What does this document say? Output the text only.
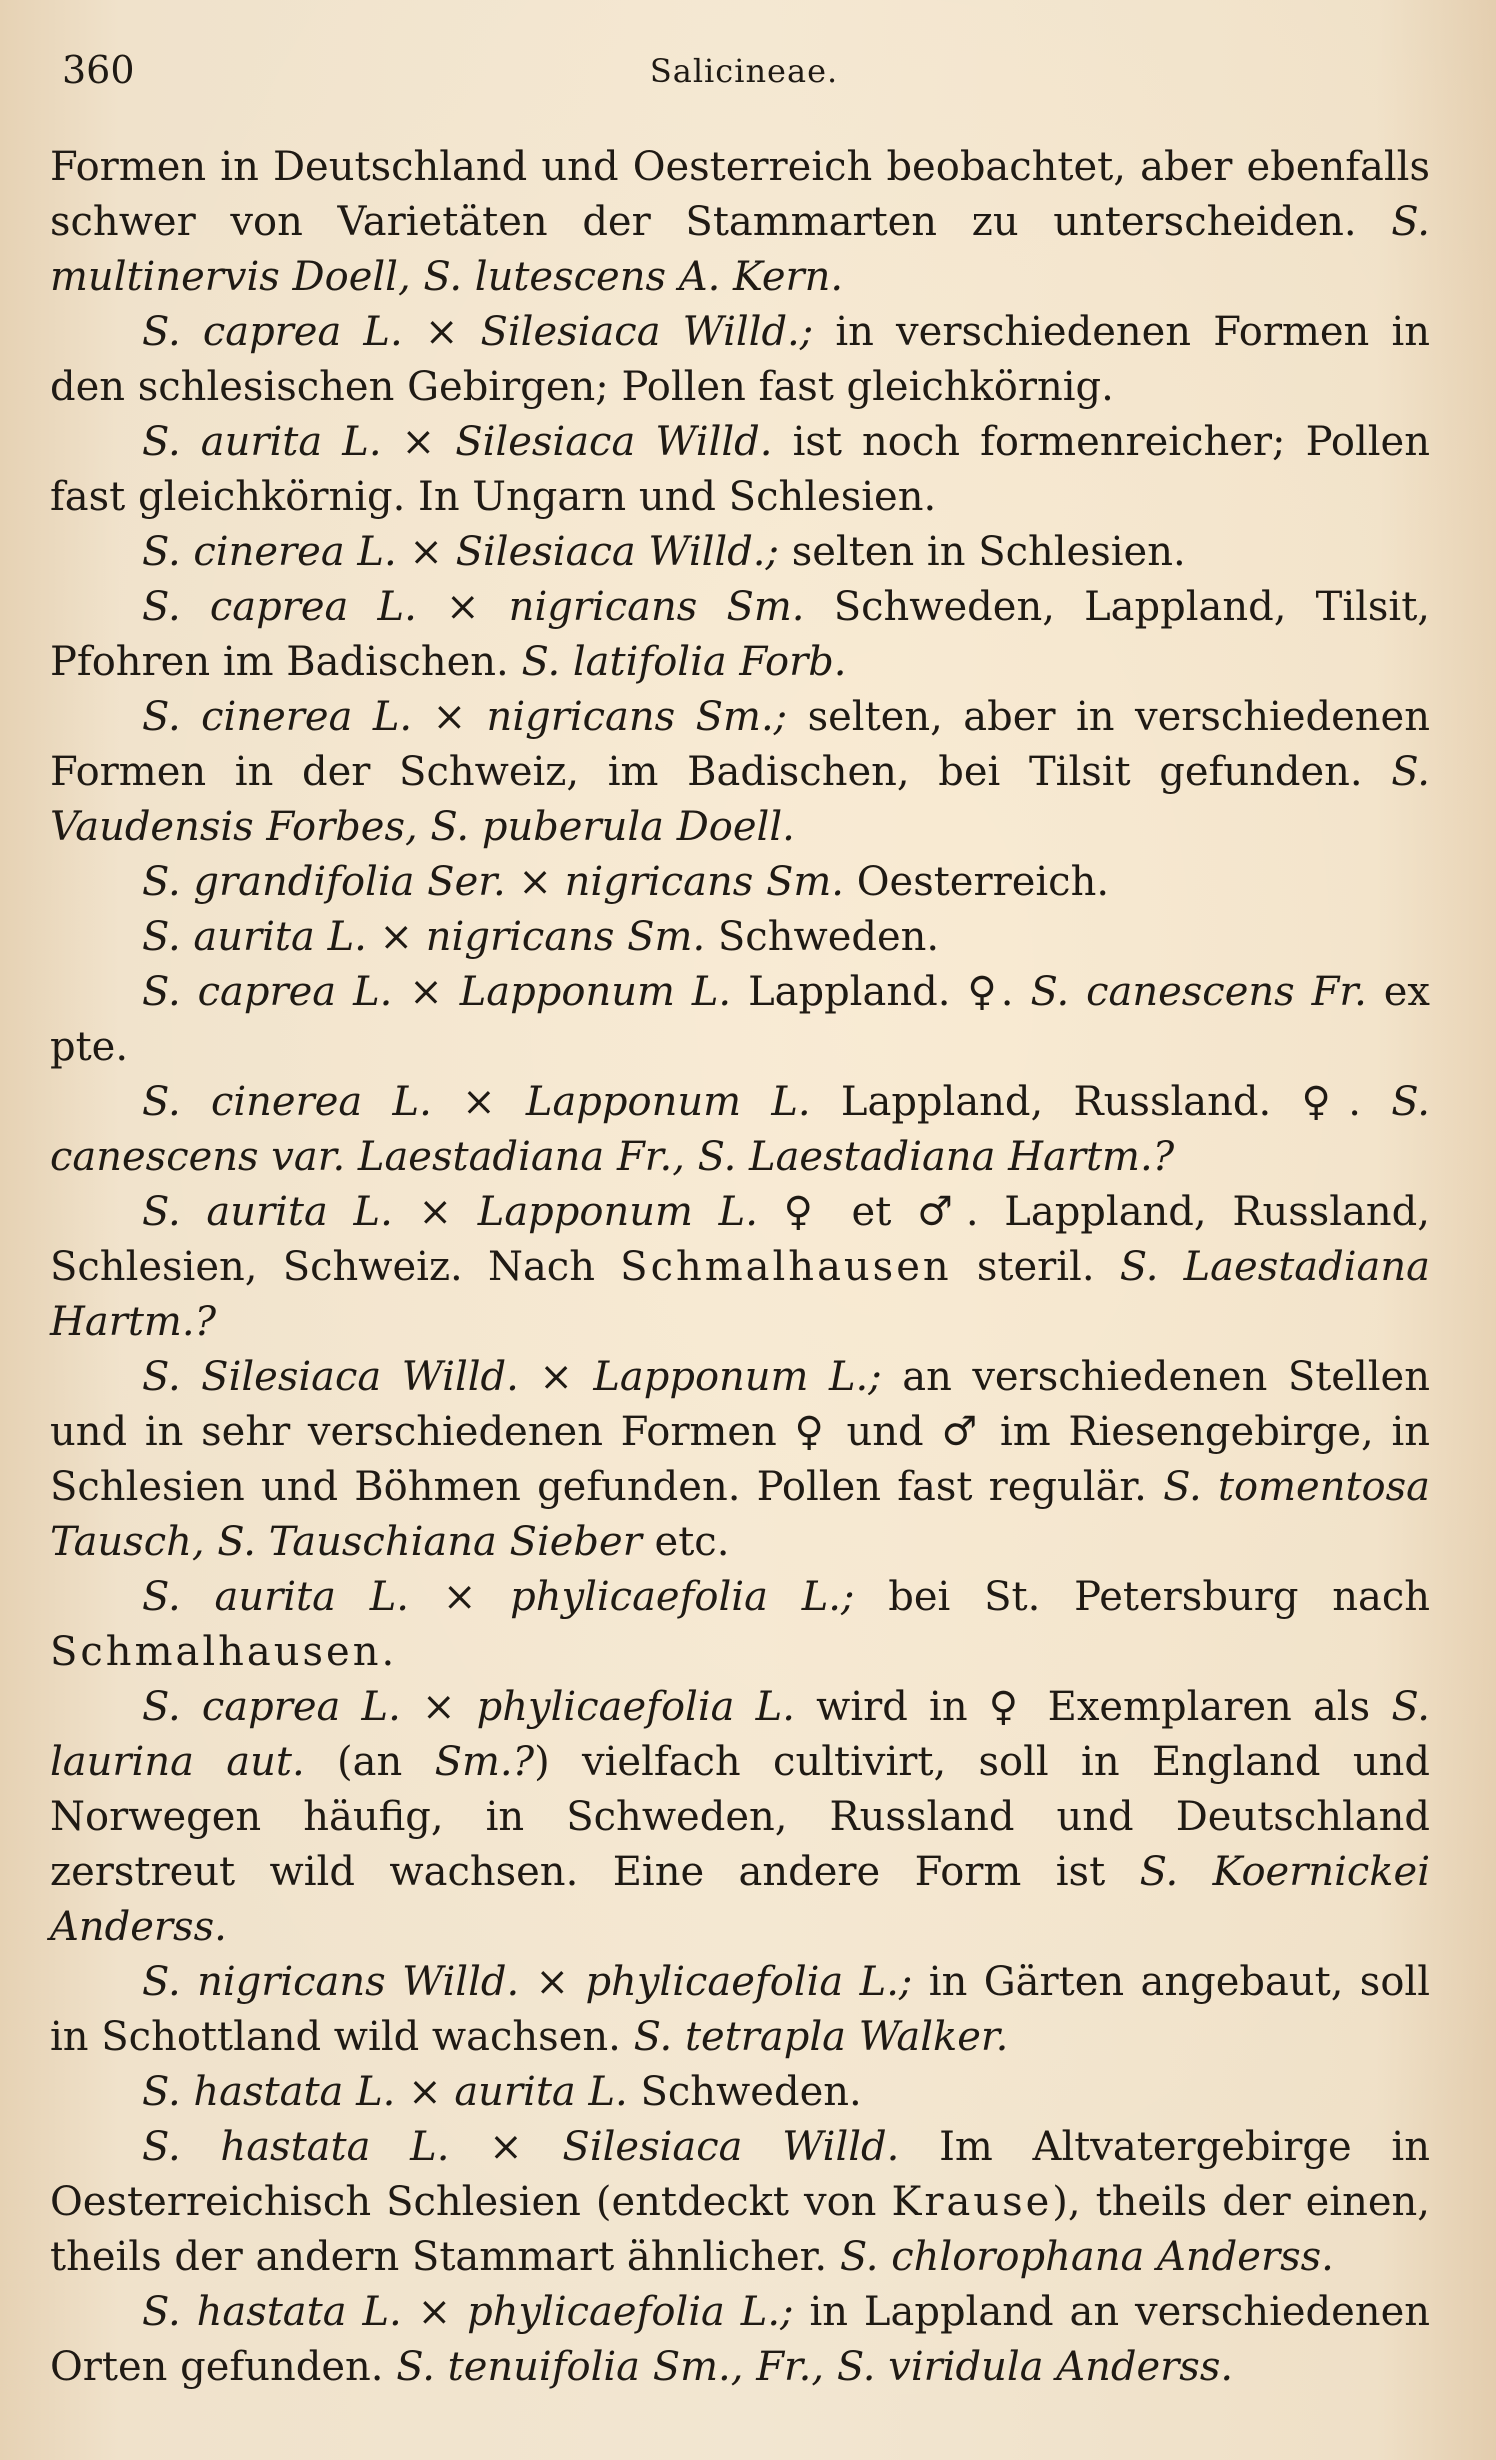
360	Salicineae.

Formen in Deutschland und Oesterreich beobachtet, aber ebenfalls schwer von Varietäten der Stammarten zu unterscheiden. S. multinervis Doell, S. lutescens A. Kern.

S. caprea L. × Silesiaca Willd.; in verschiedenen Formen in den schlesischen Gebirgen; Pollen fast gleichkörnig.

S. aurita L. × Silesiaca Willd. ist noch formenreicher; Pollen fast gleichkörnig. In Ungarn und Schlesien.

S. cinerea L. × Silesiaca Willd.; selten in Schlesien.

S. caprea L. × nigricans Sm. Schweden, Lappland, Tilsit, Pfohren im Badischen. S. latifolia Forb.

S. cinerea L. × nigricans Sm.; selten, aber in verschiedenen Formen in der Schweiz, im Badischen, bei Tilsit gefunden. S. Vaudensis Forbes, S. puberula Doell.

S. grandifolia Ser. × nigricans Sm. Oesterreich.

S. aurita L. × nigricans Sm. Schweden.

S. caprea L. × Lapponum L. Lappland. ♀. S. canescens Fr. ex pte.

S. cinerea L. × Lapponum L. Lappland, Russland. ♀. S. canescens var. Laestadiana Fr., S. Laestadiana Hartm.?

S. aurita L. × Lapponum L. ♀ et ♂. Lappland, Russland, Schlesien, Schweiz. Nach Schmalhausen steril. S. Laestadiana Hartm.?

S. Silesiaca Willd. × Lapponum L.; an verschiedenen Stellen und in sehr verschiedenen Formen ♀ und ♂ im Riesengebirge, in Schlesien und Böhmen gefunden. Pollen fast regulär. S. tomentosa Tausch, S. Tauschiana Sieber etc.

S. aurita L. × phylicaefolia L.; bei St. Petersburg nach Schmalhausen.

S. caprea L. × phylicaefolia L. wird in ♀ Exemplaren als S. laurina aut. (an Sm.?) vielfach cultivirt, soll in England und Norwegen häufig, in Schweden, Russland und Deutschland zerstreut wild wachsen. Eine andere Form ist S. Koernickei Anderss.

S. nigricans Willd. × phylicaefolia L.; in Gärten angebaut, soll in Schottland wild wachsen. S. tetrapla Walker.

S. hastata L. × aurita L. Schweden.

S. hastata L. × Silesiaca Willd. Im Altvatergebirge in Oesterreichisch Schlesien (entdeckt von Krause), theils der einen, theils der andern Stammart ähnlicher. S. chlorophana Anderss.

S. hastata L. × phylicaefolia L.; in Lappland an verschiedenen Orten gefunden. S. tenuifolia Sm., Fr., S. viridula Anderss.
